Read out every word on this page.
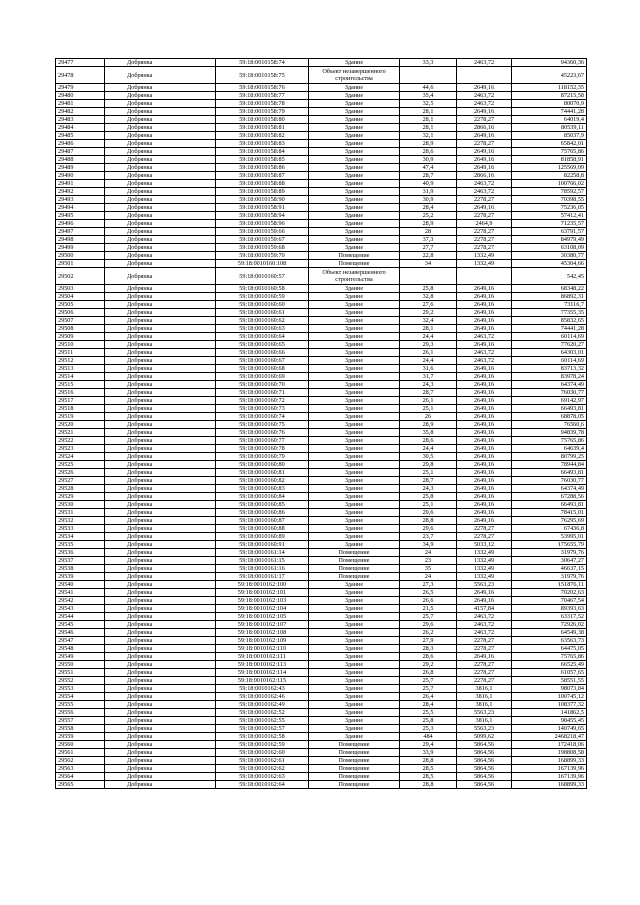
29477	Добрянка	59:18:0010158:74	Здание	33,3	2463,72	94360,36
29478	Добрянка	59:18:0010158:75	Объект незавершенного строительства			45223,67
29479	Добрянка	59:18:0010158:76	Здание	44,6	2649,16	118152,35
29480	Добрянка	59:18:0010158:77	Здание	35,4	2463,72	87215,58
29481	Добрянка	59:18:0010158:78	Здание	32,5	2463,72	80070,9
29482	Добрянка	59:18:0010158:79	Здание	28,1	2649,16	74441,28
29483	Добрянка	59:18:0010158:80	Здание	28,1	2278,27	64019,4
29484	Добрянка	59:18:0010158:81	Здание	28,1	2866,16	80539,11
29485	Добрянка	59:18:0010158:82	Здание	32,1	2649,16	85037,9
29486	Добрянка	59:18:0010158:83	Здание	28,9	2278,27	65842,01
29487	Добрянка	59:18:0010158:84	Здание	28,6	2649,16	75765,86
29488	Добрянка	59:18:0010158:85	Здание	30,9	2649,16	81858,91
29489	Добрянка	59:18:0010158:86	Здание	47,4	2649,16	125569,09
29490	Добрянка	59:18:0010158:87	Здание	28,7	2866,16	82258,8
29491	Добрянка	59:18:0010158:88	Здание	40,9	2463,72	100766,02
29492	Добрянка	59:18:0010158:89	Здание	31,9	2463,72	78592,57
29493	Добрянка	59:18:0010158:90	Здание	30,9	2278,27	70398,55
29494	Добрянка	59:18:0010158:91	Здание	28,4	2649,16	75236,05
29495	Добрянка	59:18:0010158:94	Здание	25,2	2278,27	57412,41
29496	Добрянка	59:18:0010158:96	Здание	28,9	2464,9	71235,57
29497	Добрянка	59:18:0010159:66	Здание	28	2278,27	63791,57
29498	Добрянка	59:18:0010159:67	Здание	37,3	2278,27	84979,49
29499	Добрянка	59:18:0010159:68	Здание	27,7	2278,27	63108,09
29500	Добрянка	59:18:0010159:70	Помещение	22,8	1332,49	30380,77
29501	Добрянка	59:18:0010160:108	Помещение	34	1332,49	45304,66
29502	Добрянка	59:18:0010160:57	Объект незавершенного строительства			542,45
29503	Добрянка	59:18:0010160:58	Здание	25,8	2649,16	68348,22
29504	Добрянка	59:18:0010160:59	Здание	32,8	2649,16	86892,31
29505	Добрянка	59:18:0010160:60	Здание	27,6	2649,16	73116,7
29506	Добрянка	59:18:0010160:61	Здание	29,2	2649,16	77355,35
29507	Добрянка	59:18:0010160:62	Здание	32,4	2649,16	85832,65
29508	Добрянка	59:18:0010160:63	Здание	28,1	2649,16	74441,28
29509	Добрянка	59:18:0010160:64	Здание	24,4	2463,72	60114,69
29510	Добрянка	59:18:0010160:65	Здание	29,3	2649,16	77620,27
29511	Добрянка	59:18:0010160:66	Здание	26,1	2463,72	64303,01
29512	Добрянка	59:18:0010160:67	Здание	24,4	2463,72	60114,69
29513	Добрянка	59:18:0010160:68	Здание	31,6	2649,16	83713,32
29514	Добрянка	59:18:0010160:69	Здание	31,7	2649,16	83978,24
29515	Добрянка	59:18:0010160:70	Здание	24,3	2649,16	64374,49
29516	Добрянка	59:18:0010160:71	Здание	28,7	2649,16	76030,77
29517	Добрянка	59:18:0010160:72	Здание	26,1	2649,16	69142,97
29518	Добрянка	59:18:0010160:73	Здание	25,1	2649,16	66493,81
29519	Добрянка	59:18:0010160:74	Здание	26	2649,16	68878,05
29520	Добрянка	59:18:0010160:75	Здание	28,9	2649,16	76560,6
29521	Добрянка	59:18:0010160:76	Здание	35,8	2649,16	94839,78
29522	Добрянка	59:18:0010160:77	Здание	28,6	2649,16	75765,86
29523	Добрянка	59:18:0010160:78	Здание	24,4	2649,16	64639,4
29524	Добрянка	59:18:0010160:79	Здание	30,5	2649,16	80799,25
29525	Добрянка	59:18:0010160:80	Здание	29,8	2649,16	78944,84
29526	Добрянка	59:18:0010160:81	Здание	25,1	2649,16	66493,81
29527	Добрянка	59:18:0010160:82	Здание	28,7	2649,16	76030,77
29528	Добрянка	59:18:0010160:83	Здание	24,3	2649,16	64374,49
29529	Добрянка	59:18:0010160:84	Здание	25,8	2649,16	67288,56
29530	Добрянка	59:18:0010160:85	Здание	25,1	2649,16	66493,81
29531	Добрянка	59:18:0010160:86	Здание	29,6	2649,16	78415,01
29532	Добрянка	59:18:0010160:87	Здание	28,8	2649,16	76295,69
29533	Добрянка	59:18:0010160:88	Здание	29,6	2278,27	67436,8
29534	Добрянка	59:18:0010160:89	Здание	23,7	2278,27	53995,01
29535	Добрянка	59:18:0010160:91	Здание	34,9	5033,12	175655,79
29536	Добрянка	59:18:0010161:14	Помещение	24	1332,49	31979,76
29537	Добрянка	59:18:0010161:15	Помещение	23	1332,49	30647,27
29538	Добрянка	59:18:0010161:16	Помещение	35	1332,49	46637,15
29539	Добрянка	59:18:0010161:17	Помещение	24	1332,49	31979,76
29540	Добрянка	59:18:0010162:100	Здание	27,3	5563,23	151876,11
29541	Добрянка	59:18:0010162:101	Здание	26,5	2649,16	70202,63
29542	Добрянка	59:18:0010162:103	Здание	26,6	2649,16	70467,54
29543	Добрянка	59:18:0010162:104	Здание	21,5	4157,84	89393,63
29544	Добрянка	59:18:0010162:105	Здание	25,7	2463,72	63317,52
29545	Добрянка	59:18:0010162:107	Здание	29,6	2463,72	72926,02
29546	Добрянка	59:18:0010162:108	Здание	26,2	2463,72	64549,38
29547	Добрянка	59:18:0010162:109	Здание	27,9	2278,27	63563,73
29548	Добрянка	59:18:0010162:110	Здание	28,3	2278,27	64475,05
29549	Добрянка	59:18:0010162:111	Здание	28,6	2649,16	75765,86
29550	Добрянка	59:18:0010162:113	Здание	29,2	2278,27	66525,49
29551	Добрянка	59:18:0010162:114	Здание	26,8	2278,27	61057,65
29552	Добрянка	59:18:0010162:115	Здание	25,7	2278,27	58551,55
29553	Добрянка	59:18:0010162:43	Здание	25,7	3816,1	98073,84
29554	Добрянка	59:18:0010162:46	Здание	26,4	3816,1	100745,12
29555	Добрянка	59:18:0010162:49	Здание	28,4	3816,1	108377,32
29556	Добрянка	59:18:0010162:52	Здание	25,5	5563,23	141862,5
29557	Добрянка	59:18:0010162:55	Здание	25,8	3816,1	98455,45
29558	Добрянка	59:18:0010162:57	Здание	25,3	5563,23	140749,65
29559	Добрянка	59:18:0010162:58	Здание	484	5099,62	2468218,47
29560	Добрянка	59:18:0010162:59	Помещение	29,4	5864,56	172418,06
29561	Добрянка	59:18:0010162:60	Помещение	33,9	5864,56	198808,58
29562	Добрянка	59:18:0010162:61	Помещение	28,8	5864,56	168899,33
29563	Добрянка	59:18:0010162:62	Помещение	28,5	5864,56	167139,96
29564	Добрянка	59:18:0010162:63	Помещение	28,5	5864,56	167139,96
29565	Добрянка	59:18:0010162:64	Помещение	28,8	5864,56	168899,33
